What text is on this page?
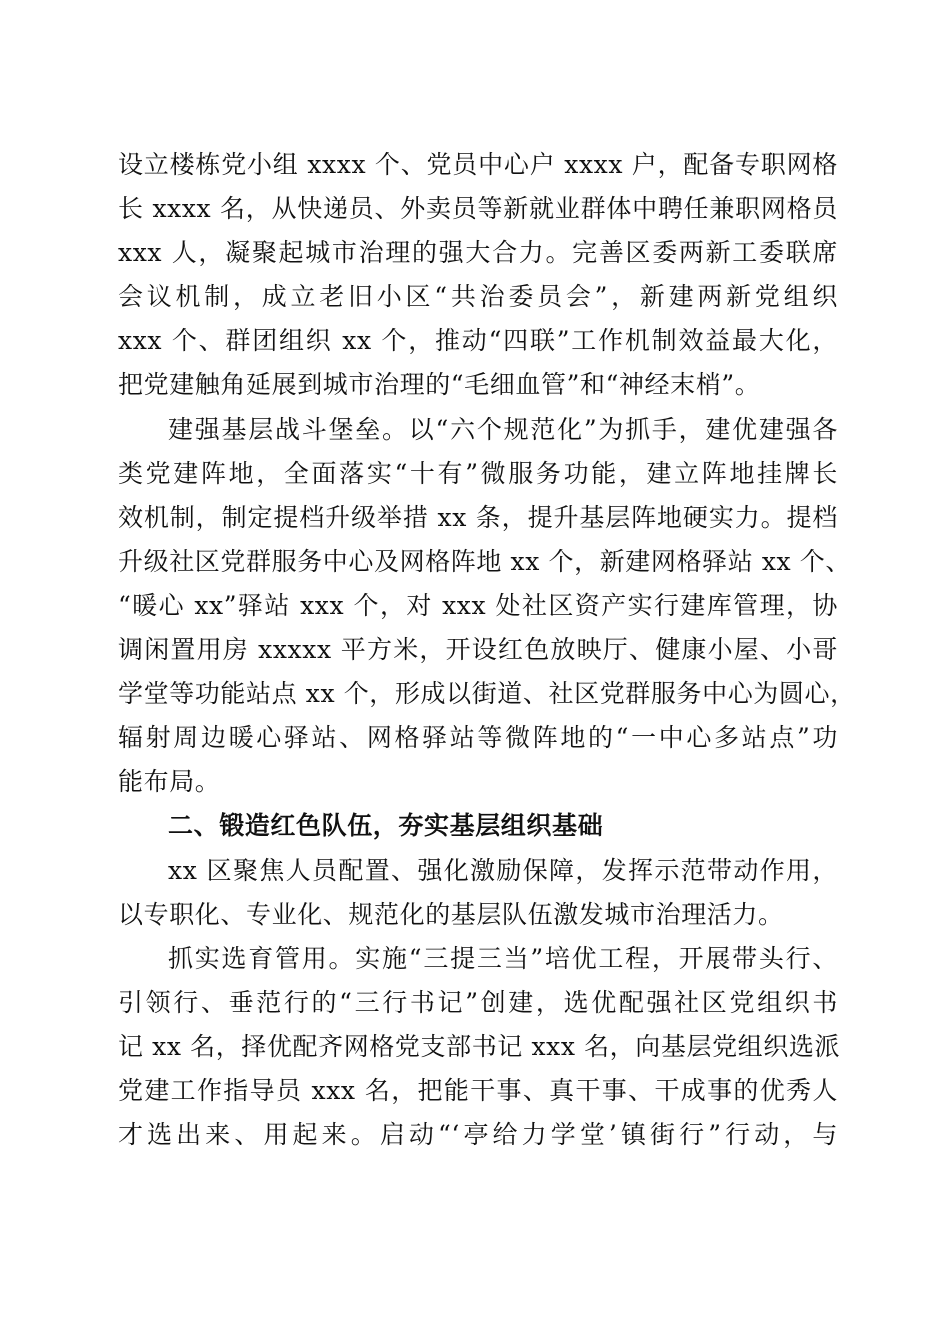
设立楼栋党小组 xxxx 个、党员中心户 xxxx 户，配备专职网格
长 xxxx 名，从快递员、外卖员等新就业群体中聘任兼职网格员
xxx 人，凝聚起城市治理的强大合力。完善区委两新工委联席
会议机制，成立老旧小区“共治委员会”，新建两新党组织
xxx 个、群团组织 xx 个，推动“四联”工作机制效益最大化，
把党建触角延展到城市治理的“毛细血管”和“神经末梢”。
建强基层战斗堡垒。以“六个规范化”为抓手，建优建强各
类党建阵地，全面落实“十有”微服务功能，建立阵地挂牌长
效机制，制定提档升级举措 xx 条，提升基层阵地硬实力。提档
升级社区党群服务中心及网格阵地 xx 个，新建网格驿站 xx 个、
“暖心 xx”驿站 xxx 个，对 xxx 处社区资产实行建库管理，协
调闲置用房 xxxxx 平方米，开设红色放映厅、健康小屋、小哥
学堂等功能站点 xx 个，形成以街道、社区党群服务中心为圆心，
辐射周边暖心驿站、网格驿站等微阵地的“一中心多站点”功
能布局。
二、锻造红色队伍，夯实基层组织基础
xx 区聚焦人员配置、强化激励保障，发挥示范带动作用，
以专职化、专业化、规范化的基层队伍激发城市治理活力。
抓实选育管用。实施“三提三当”培优工程，开展带头行、
引领行、垂范行的“三行书记”创建，选优配强社区党组织书
记 xx 名，择优配齐网格党支部书记 xxx 名，向基层党组织选派
党建工作指导员 xxx 名，把能干事、真干事、干成事的优秀人
才选出来、用起来。启动“‘亭给力学堂’镇街行”行动，与
